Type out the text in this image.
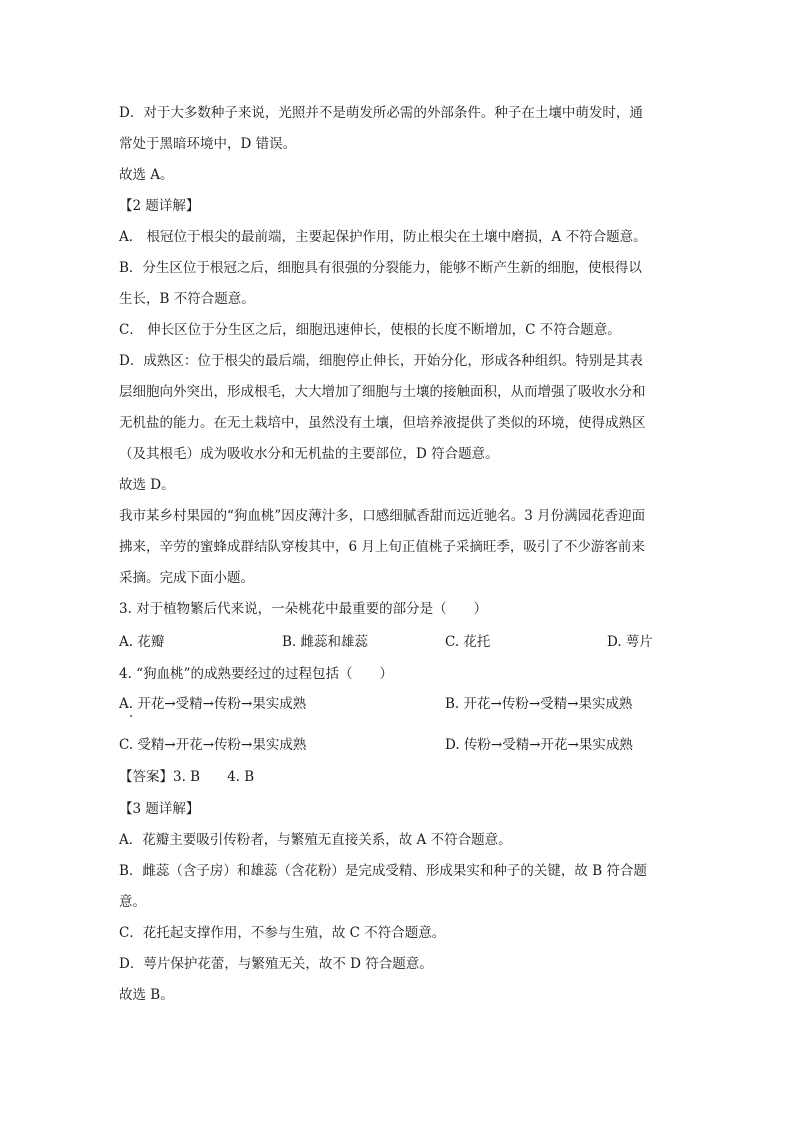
D．对于大多数种子来说，光照并不是萌发所必需的外部条件。种子在土壤中萌发时，通
常处于黑暗环境中，D 错误。
故选 A。
【2 题详解】
A． 根冠位于根尖的最前端，主要起保护作用，防止根尖在土壤中磨损，A 不符合题意。
B．分生区位于根冠之后，细胞具有很强的分裂能力，能够不断产生新的细胞，使根得以
生长，B 不符合题意。
C． 伸长区位于分生区之后，细胞迅速伸长，使根的长度不断增加，C 不符合题意。
D．成熟区：位于根尖的最后端，细胞停止伸长，开始分化，形成各种组织。特别是其表
层细胞向外突出，形成根毛，大大增加了细胞与土壤的接触面积，从而增强了吸收水分和
无机盐的能力。在无土栽培中，虽然没有土壤，但培养液提供了类似的环境，使得成熟区
（及其根毛）成为吸收水分和无机盐的主要部位，D 符合题意。
故选 D。
我市某乡村果园的“狗血桃”因皮薄汁多，口感细腻香甜而远近驰名。3 月份满园花香迎面
拂来，辛劳的蜜蜂成群结队穿梭其中，6 月上旬正值桃子采摘旺季，吸引了不少游客前来
采摘。完成下面小题。
3. 对于植物繁后代来说，一朵桃花中最重要的部分是（　　）
A. 花瓣	B. 雌蕊和雄蕊	C. 花托	D. 萼片
4. “狗血桃”的成熟要经过的过程包括（　　）
A. 开花→受精→传粉→果实成熟	B. 开花→传粉→受精→果实成熟
C. 受精→开花→传粉→果实成熟	D. 传粉→受精→开花→果实成熟
【答案】3. B　　4. B
【3 题详解】
A．花瓣主要吸引传粉者，与繁殖无直接关系，故 A 不符合题意。
B．雌蕊（含子房）和雄蕊（含花粉）是完成受精、形成果实和种子的关键，故 B 符合题
意。
C．花托起支撑作用，不参与生殖，故 C 不符合题意。
D．萼片保护花蕾，与繁殖无关，故不 D 符合题意。
故选 B。
